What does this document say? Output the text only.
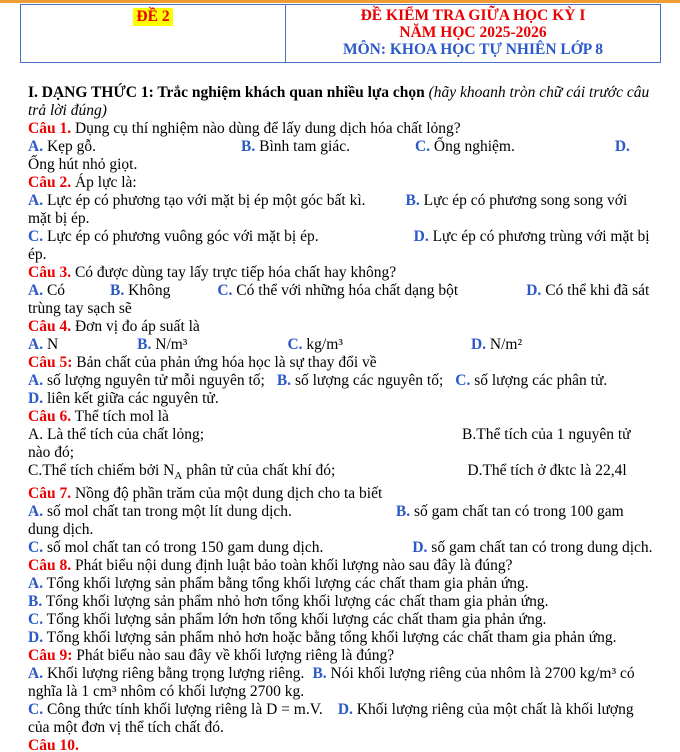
ĐỀ 2	ĐỀ KIỂM TRA GIỮA HỌC KỲ I
NĂM HỌC 2025-2026
MÔN: KHOA HỌC TỰ NHIÊN LỚP 8
I. DẠNG THỨC 1: Trắc nghiệm khách quan nhiều lựa chọn (hãy khoanh tròn chữ cái trước câu trả lời đúng)
Câu 1. Dụng cụ thí nghiệm nào dùng để lấy dung dịch hóa chất lỏng?
A. Kẹp gỗ.	B. Bình tam giác.	C. Ống nghiệm.	D. Ống hút nhỏ giọt.
Câu 2. Áp lực là:
A. Lực ép có phương tạo với mặt bị ép một góc bất kì.	B. Lực ép có phương song song với mặt bị ép.
C. Lực ép có phương vuông góc với mặt bị ép.	D. Lực ép có phương trùng với mặt bị ép.
Câu 3. Có được dùng tay lấy trực tiếp hóa chất hay không?
A. Có	B. Không	C. Có thể với những hóa chất dạng bột	D. Có thể khi đã sát trùng tay sạch sẽ
Câu 4. Đơn vị đo áp suất là
A. N	B. N/m³	C. kg/m³	D. N/m²
Câu 5: Bản chất của phản ứng hóa học là sự thay đổi về
A. số lượng nguyên tử mỗi nguyên tố; B. số lượng các nguyên tố; C. số lượng các phân tử.
D. liên kết giữa các nguyên tử.
Câu 6. Thể tích mol là
A. Là thể tích của chất lỏng;	B.Thể tích của 1 nguyên tử nào đó;
C.Thể tích chiếm bởi $N_A$ phân tử của chất khí đó;	D.Thể tích ở đktc là 22,4l
Câu 7. Nồng độ phần trăm của một dung dịch cho ta biết
A. số mol chất tan trong một lít dung dịch.	B. số gam chất tan có trong 100 gam dung dịch.
C. số mol chất tan có trong 150 gam dung dịch.	D. số gam chất tan có trong dung dịch.
Câu 8. Phát biểu nội dung định luật bảo toàn khối lượng nào sau đây là đúng?
A. Tổng khối lượng sản phẩm bằng tổng khối lượng các chất tham gia phản ứng.
B. Tổng khối lượng sản phẩm nhỏ hơn tổng khối lượng các chất tham gia phản ứng.
C. Tổng khối lượng sản phẩm lớn hơn tổng khối lượng các chất tham gia phản ứng.
D. Tổng khối lượng sản phẩm nhỏ hơn hoặc bằng tổng khối lượng các chất tham gia phản ứng.
Câu 9: Phát biểu nào sau đây về khối lượng riêng là đúng?
A. Khối lượng riêng bằng trọng lượng riêng. B. Nói khối lượng riêng của nhôm là 2700 kg/m³ có nghĩa là 1 cm³ nhôm có khối lượng 2700 kg.
C. Công thức tính khối lượng riêng là D = m.V. D. Khối lượng riêng của một chất là khối lượng của một đơn vị thể tích chất đó.
Câu 10.
